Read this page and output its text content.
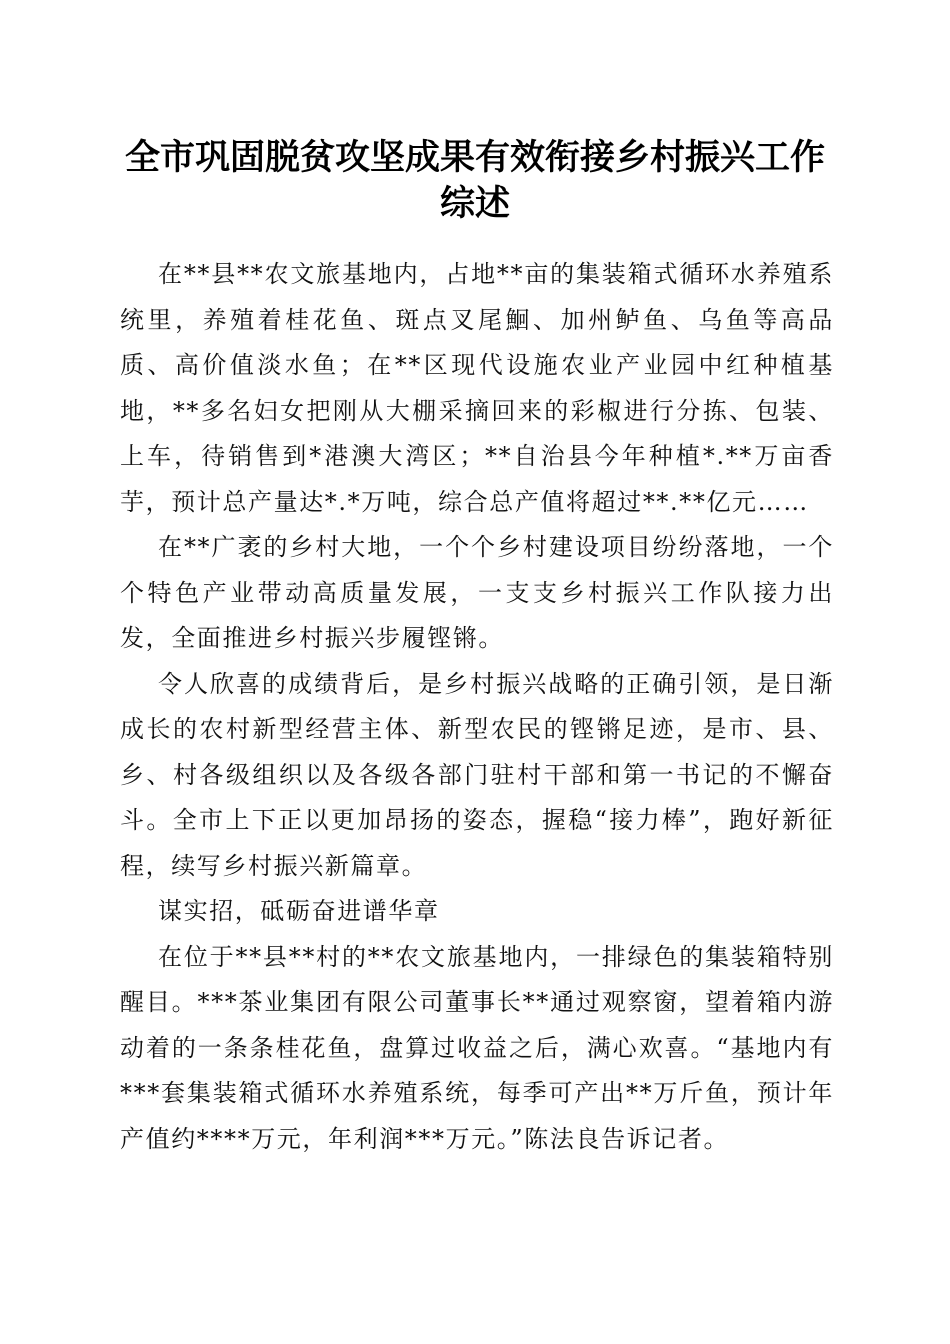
全市巩固脱贫攻坚成果有效衔接乡村振兴工作
综述

在**县**农文旅基地内，占地**亩的集装箱式循环水养殖系统里，养殖着桂花鱼、斑点叉尾鮰、加州鲈鱼、乌鱼等高品质、高价值淡水鱼；在**区现代设施农业产业园中红种植基地，**多名妇女把刚从大棚采摘回来的彩椒进行分拣、包装、上车，待销售到*港澳大湾区；**自治县今年种植*.**万亩香芋，预计总产量达*.*万吨，综合总产值将超过**.**亿元……

在**广袤的乡村大地，一个个乡村建设项目纷纷落地，一个个特色产业带动高质量发展，一支支乡村振兴工作队接力出发，全面推进乡村振兴步履铿锵。

令人欣喜的成绩背后，是乡村振兴战略的正确引领，是日渐成长的农村新型经营主体、新型农民的铿锵足迹，是市、县、乡、村各级组织以及各级各部门驻村干部和第一书记的不懈奋斗。全市上下正以更加昂扬的姿态，握稳“接力棒”，跑好新征程，续写乡村振兴新篇章。

谋实招，砥砺奋进谱华章

在位于**县**村的**农文旅基地内，一排绿色的集装箱特别醒目。***茶业集团有限公司董事长**通过观察窗，望着箱内游动着的一条条桂花鱼，盘算过收益之后，满心欢喜。“基地内有***套集装箱式循环水养殖系统，每季可产出**万斤鱼，预计年产值约****万元，年利润***万元。”陈法良告诉记者。
